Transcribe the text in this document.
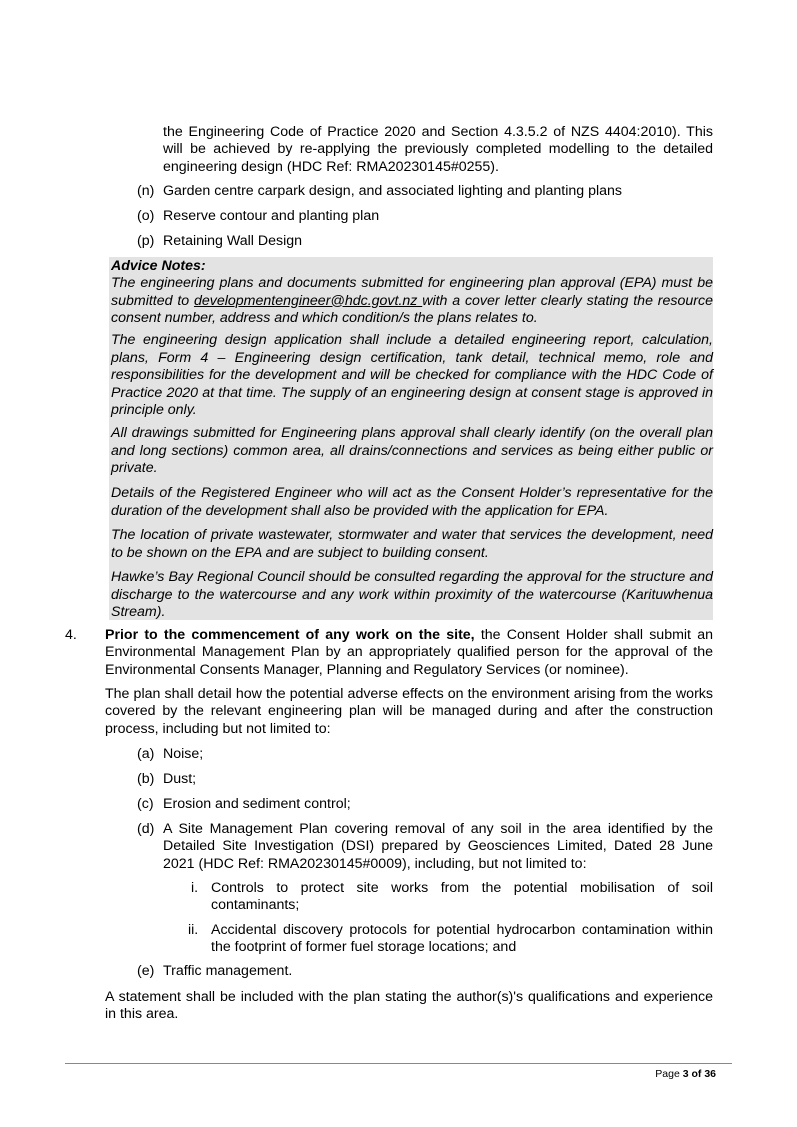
the Engineering Code of Practice 2020 and Section 4.3.5.2 of NZS 4404:2010). This will be achieved by re-applying the previously completed modelling to the detailed engineering design (HDC Ref: RMA20230145#0255).

(n) Garden centre carpark design, and associated lighting and planting plans
(o) Reserve contour and planting plan
(p) Retaining Wall Design

Advice Notes:

The engineering plans and documents submitted for engineering plan approval (EPA) must be submitted to developmentengineer@hdc.govt.nz with a cover letter clearly stating the resource consent number, address and which condition/s the plans relates to.

The engineering design application shall include a detailed engineering report, calculation, plans, Form 4 – Engineering design certification, tank detail, technical memo, role and responsibilities for the development and will be checked for compliance with the HDC Code of Practice 2020 at that time. The supply of an engineering design at consent stage is approved in principle only.

All drawings submitted for Engineering plans approval shall clearly identify (on the overall plan and long sections) common area, all drains/connections and services as being either public or private.

Details of the Registered Engineer who will act as the Consent Holder’s representative for the duration of the development shall also be provided with the application for EPA.

The location of private wastewater, stormwater and water that services the development, need to be shown on the EPA and are subject to building consent.

Hawke’s Bay Regional Council should be consulted regarding the approval for the structure and discharge to the watercourse and any work within proximity of the watercourse (Karituwhenua Stream).

4. Prior to the commencement of any work on the site, the Consent Holder shall submit an Environmental Management Plan by an appropriately qualified person for the approval of the Environmental Consents Manager, Planning and Regulatory Services (or nominee).

The plan shall detail how the potential adverse effects on the environment arising from the works covered by the relevant engineering plan will be managed during and after the construction process, including but not limited to:

(a) Noise;
(b) Dust;
(c) Erosion and sediment control;
(d) A Site Management Plan covering removal of any soil in the area identified by the Detailed Site Investigation (DSI) prepared by Geosciences Limited, Dated 28 June 2021 (HDC Ref: RMA20230145#0009), including, but not limited to:

i. Controls to protect site works from the potential mobilisation of soil contaminants;

ii. Accidental discovery protocols for potential hydrocarbon contamination within the footprint of former fuel storage locations; and

(e) Traffic management.

A statement shall be included with the plan stating the author(s)'s qualifications and experience in this area.

Page 3 of 36
